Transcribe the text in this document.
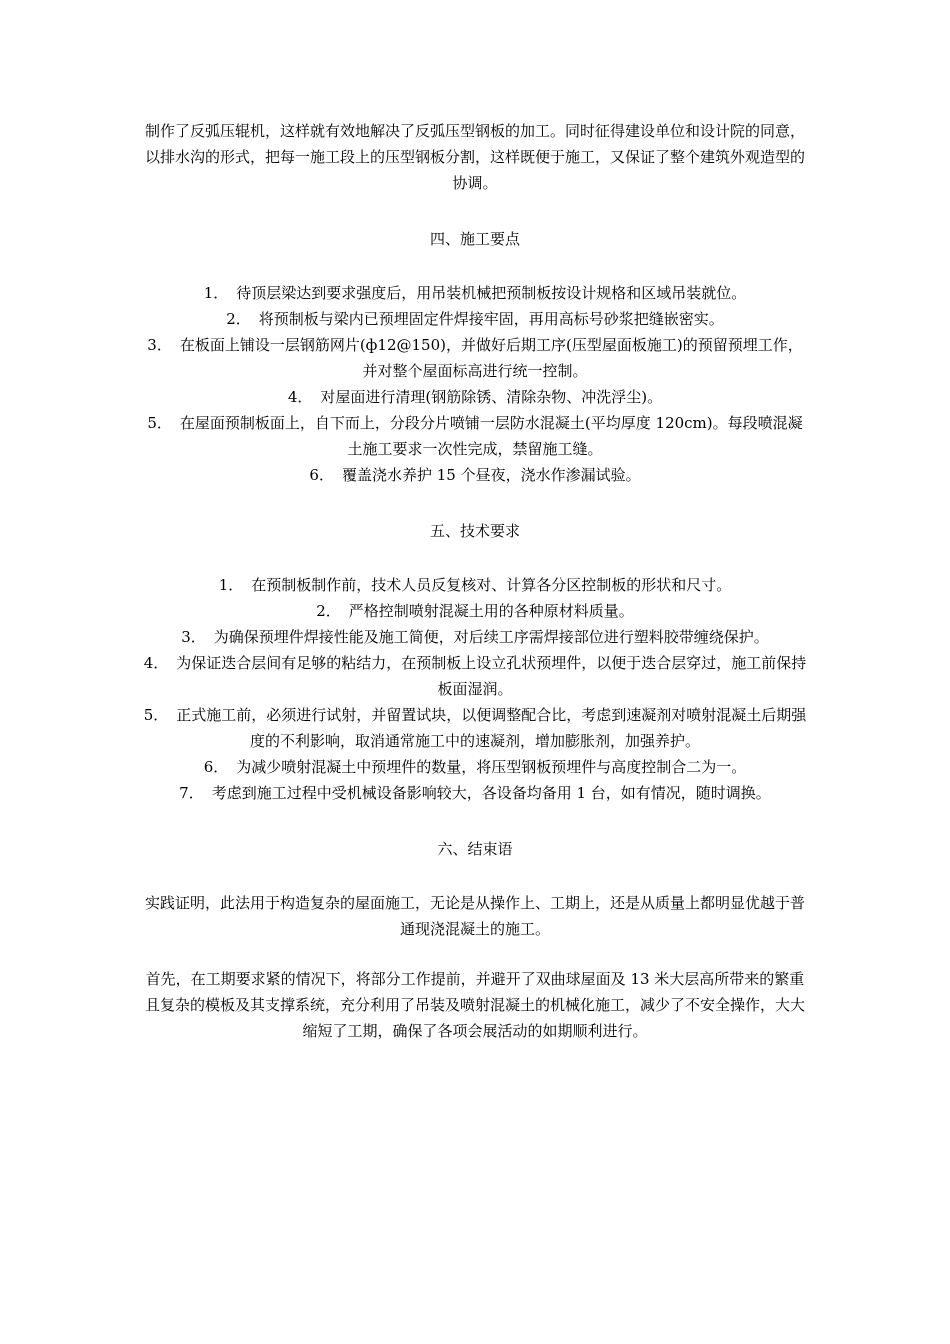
制作了反弧压辊机，这样就有效地解决了反弧压型钢板的加工。同时征得建设单位和设计院的同意，以排水沟的形式，把每一施工段上的压型钢板分割，这样既便于施工，又保证了整个建筑外观造型的协调。

四、施工要点
1． 待顶层梁达到要求强度后，用吊装机械把预制板按设计规格和区域吊装就位。
2． 将预制板与梁内已预埋固定件焊接牢固，再用高标号砂浆把缝嵌密实。
3． 在板面上铺设一层钢筋网片(ф12@150)，并做好后期工序(压型屋面板施工)的预留预埋工作，并对整个屋面标高进行统一控制。
4． 对屋面进行清理(钢筋除锈、清除杂物、冲洗浮尘)。
5． 在屋面预制板面上，自下而上，分段分片喷铺一层防水混凝土(平均厚度 120cm)。每段喷混凝土施工要求一次性完成，禁留施工缝。
6． 覆盖浇水养护 15 个昼夜，浇水作渗漏试验。
五、技术要求
1． 在预制板制作前，技术人员反复核对、计算各分区控制板的形状和尺寸。
2． 严格控制喷射混凝土用的各种原材料质量。
3． 为确保预埋件焊接性能及施工简便，对后续工序需焊接部位进行塑料胶带缠绕保护。
4． 为保证迭合层间有足够的粘结力，在预制板上设立孔状预埋件，以便于迭合层穿过，施工前保持板面湿润。
5． 正式施工前，必须进行试射，并留置试块，以便调整配合比，考虑到速凝剂对喷射混凝土后期强度的不利影响，取消通常施工中的速凝剂，增加膨胀剂，加强养护。
6． 为减少喷射混凝土中预埋件的数量，将压型钢板预埋件与高度控制合二为一。
7． 考虑到施工过程中受机械设备影响较大，各设备均备用 1 台，如有情况，随时调换。
六、结束语

实践证明，此法用于构造复杂的屋面施工，无论是从操作上、工期上，还是从质量上都明显优越于普通现浇混凝土的施工。

首先，在工期要求紧的情况下，将部分工作提前，并避开了双曲球屋面及 13 米大层高所带来的繁重且复杂的模板及其支撑系统，充分利用了吊装及喷射混凝土的机械化施工，减少了不安全操作，大大缩短了工期，确保了各项会展活动的如期顺利进行。
